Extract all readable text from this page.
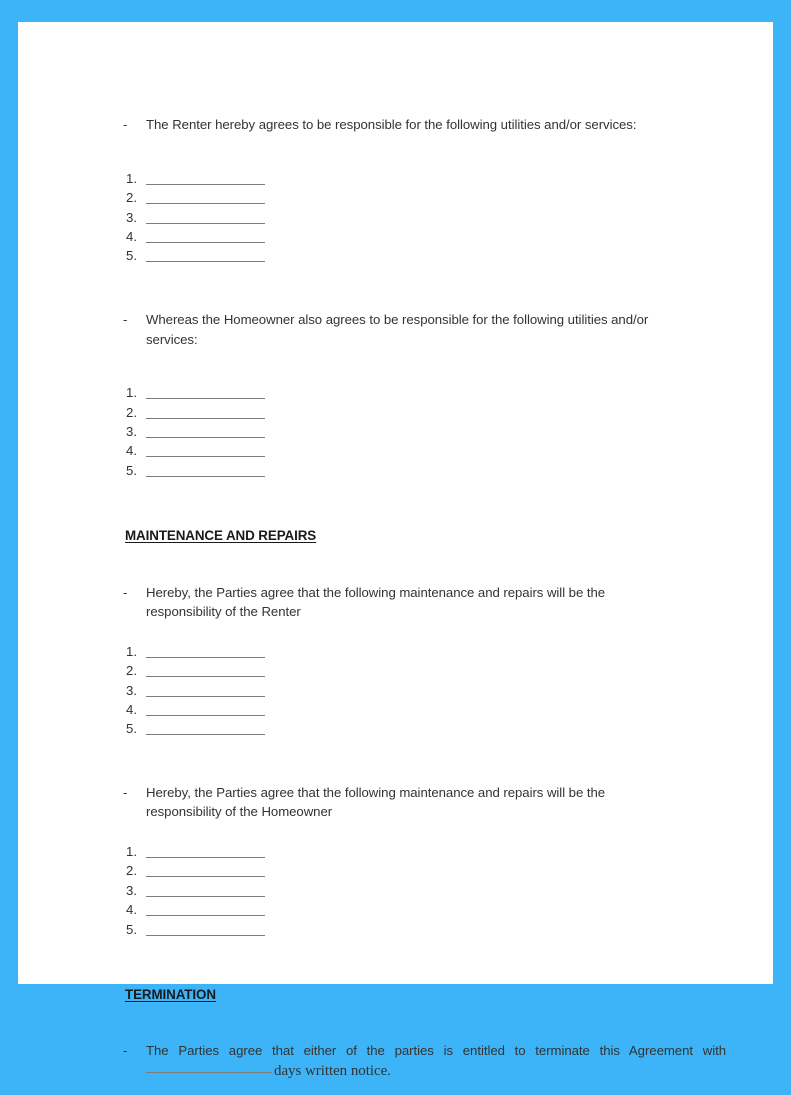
- The Renter hereby agrees to be responsible for the following utilities and/or services:

1.
2.
3.
4.
5.

- Whereas the Homeowner also agrees to be responsible for the following utilities and/or services:

1.
2.
3.
4.
5.
MAINTENANCE AND REPAIRS

- Hereby, the Parties agree that the following maintenance and repairs will be the responsibility of the Renter

1.
2.
3.
4.
5.

- Hereby, the Parties agree that the following maintenance and repairs will be the responsibility of the Homeowner

1.
2.
3.
4.
5.
TERMINATION

- The Parties agree that either of the parties is entitled to terminate this Agreement with days written notice.
